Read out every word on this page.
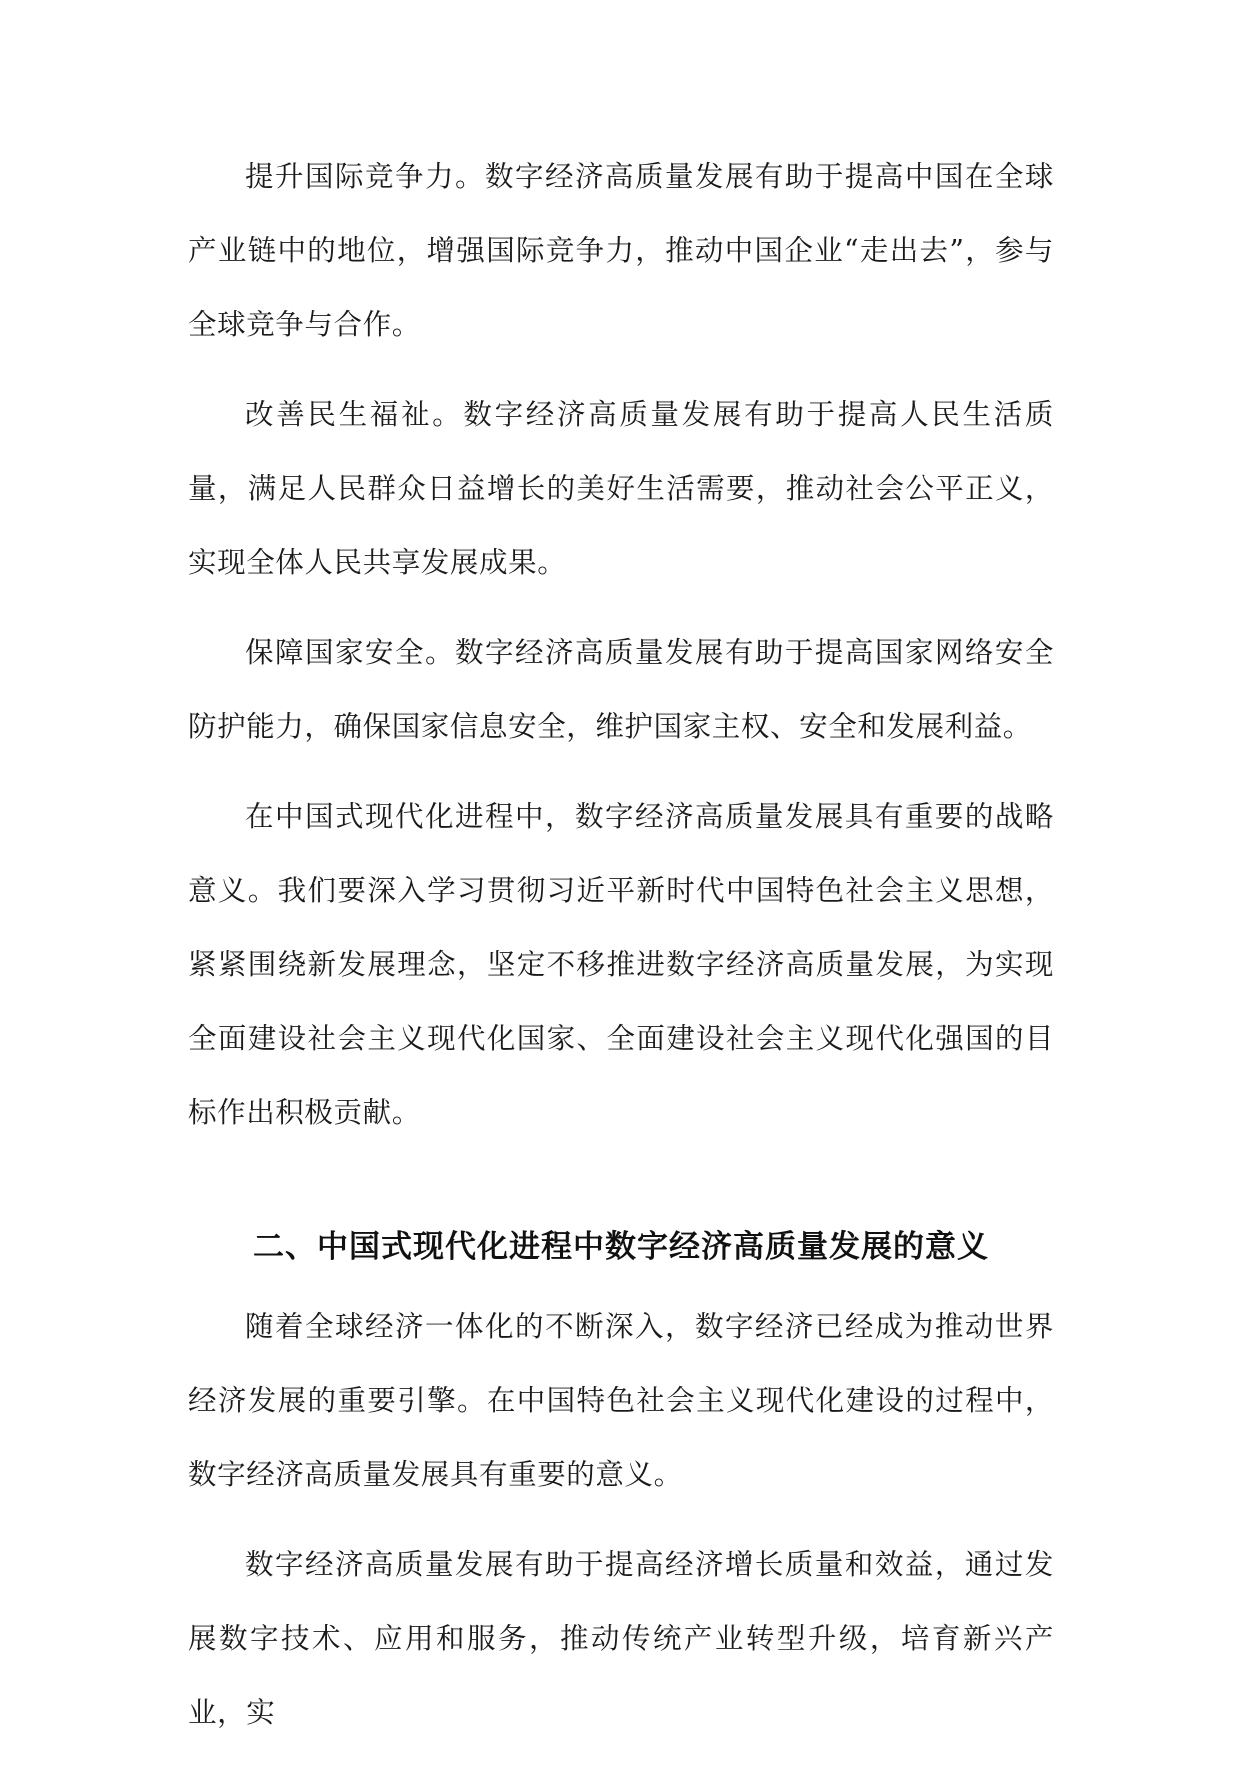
提升国际竞争力。数字经济高质量发展有助于提高中国在全球产业链中的地位，增强国际竞争力，推动中国企业“走出去”，参与全球竞争与合作。

改善民生福祉。数字经济高质量发展有助于提高人民生活质量，满足人民群众日益增长的美好生活需要，推动社会公平正义，实现全体人民共享发展成果。

保障国家安全。数字经济高质量发展有助于提高国家网络安全防护能力，确保国家信息安全，维护国家主权、安全和发展利益。

在中国式现代化进程中，数字经济高质量发展具有重要的战略意义。我们要深入学习贯彻习近平新时代中国特色社会主义思想，紧紧围绕新发展理念，坚定不移推进数字经济高质量发展，为实现全面建设社会主义现代化国家、全面建设社会主义现代化强国的目标作出积极贡献。

二、中国式现代化进程中数字经济高质量发展的意义

随着全球经济一体化的不断深入，数字经济已经成为推动世界经济发展的重要引擎。在中国特色社会主义现代化建设的过程中，数字经济高质量发展具有重要的意义。

数字经济高质量发展有助于提高经济增长质量和效益，通过发展数字技术、应用和服务，推动传统产业转型升级，培育新兴产业，实
